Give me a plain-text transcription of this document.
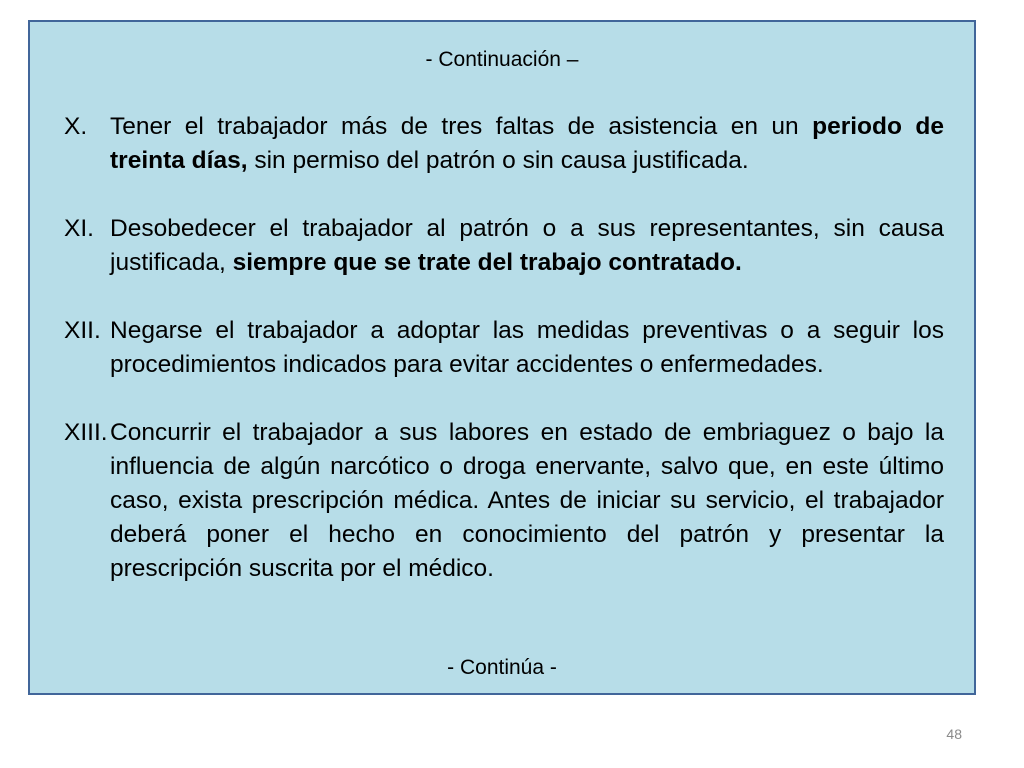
- Continuación –
X. Tener el trabajador más de tres faltas de asistencia en un periodo de treinta días, sin permiso del patrón o sin causa justificada.
XI. Desobedecer el trabajador al patrón o a sus representantes, sin causa justificada, siempre que se trate del trabajo contratado.
XII. Negarse el trabajador a adoptar las medidas preventivas o a seguir los procedimientos indicados para evitar accidentes o enfermedades.
XIII. Concurrir el trabajador a sus labores en estado de embriaguez o bajo la influencia de algún narcótico o droga enervante, salvo que, en este último caso, exista prescripción médica. Antes de iniciar su servicio, el trabajador deberá poner el hecho en conocimiento del patrón y presentar la prescripción suscrita por el médico.
- Continúa -
48
